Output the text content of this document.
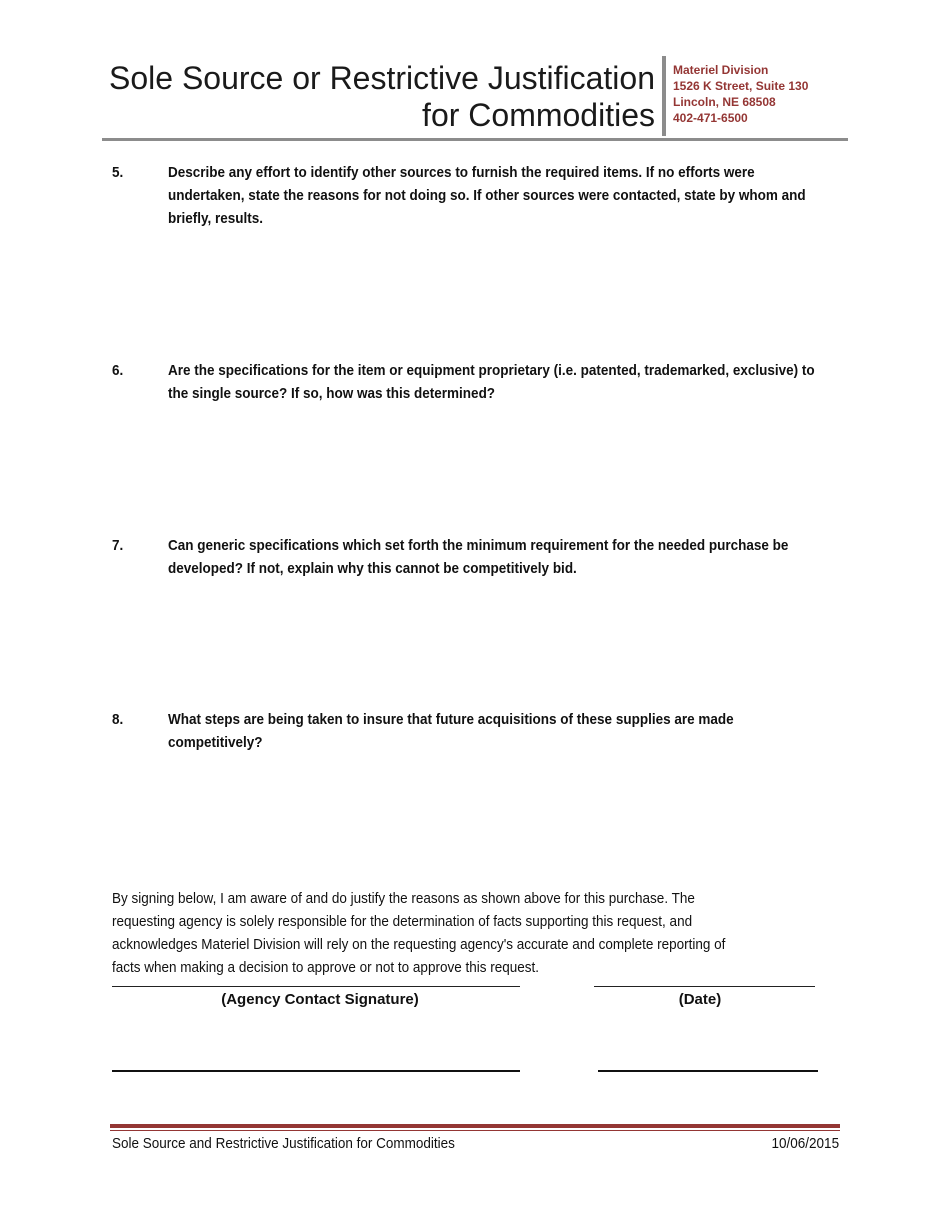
Sole Source or Restrictive Justification
for Commodities
Materiel Division
1526 K Street, Suite 130
Lincoln, NE 68508
402-471-6500
5.	Describe any effort to identify other sources to furnish the required items. If no efforts were undertaken, state the reasons for not doing so. If other sources were contacted, state by whom and briefly, results.
6.	Are the specifications for the item or equipment proprietary (i.e. patented, trademarked, exclusive) to the single source? If so, how was this determined?
7.	Can generic specifications which set forth the minimum requirement for the needed purchase be developed? If not, explain why this cannot be competitively bid.
8.	What steps are being taken to insure that future acquisitions of these supplies are made competitively?
By signing below, I am aware of and do justify the reasons as shown above for this purchase. The requesting agency is solely responsible for the determination of facts supporting this request, and acknowledges Materiel Division will rely on the requesting agency's accurate and complete reporting of facts when making a decision to approve or not to approve this request.
(Agency Contact Signature)	(Date)
Sole Source and Restrictive Justification for Commodities	10/06/2015
